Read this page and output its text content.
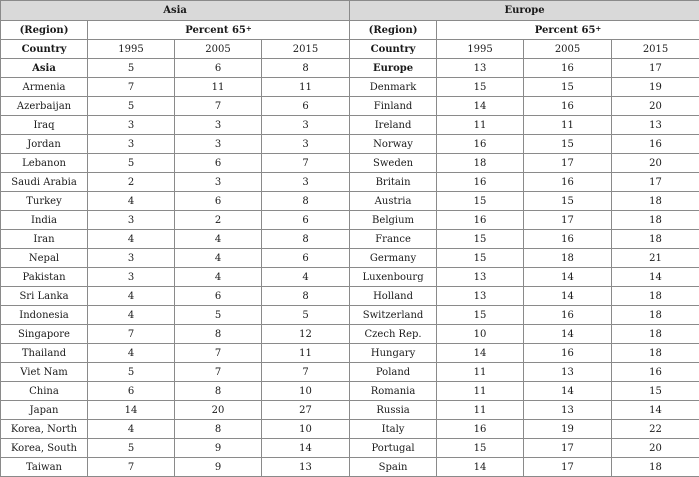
Asia				Europe			
(Region)	Percent 65+			(Region)	Percent 65+
Country	1995	2005	2015	Country	1995	2005	2015
Asia	5	6	8	Europe	13	16	17
Armenia	7	11	11	Denmark	15	15	19
Azerbaijan	5	7	6	Finland	14	16	20
Iraq	3	3	3	Ireland	11	11	13
Jordan	3	3	3	Norway	16	15	16
Lebanon	5	6	7	Sweden	18	17	20
Saudi Arabia	2	3	3	Britain	16	16	17
Turkey	4	6	8	Austria	15	15	18
India	3	2	6	Belgium	16	17	18
Iran	4	4	8	France	15	16	18
Nepal	3	4	6	Germany	15	18	21
Pakistan	3	4	4	Luxenbourg	13	14	14
Sri Lanka	4	6	8	Holland	13	14	18
Indonesia	4	5	5	Switzerland	15	16	18
Singapore	7	8	12	Czech Rep.	10	14	18
Thailand	4	7	11	Hungary	14	16	18
Viet Nam	5	7	7	Poland	11	13	16
China	6	8	10	Romania	11	14	15
Japan	14	20	27	Russia	11	13	14
Korea, North	4	8	10	Italy	16	19	22
Korea, South	5	9	14	Portugal	15	17	20
Taiwan	7	9	13	Spain	14	17	18
